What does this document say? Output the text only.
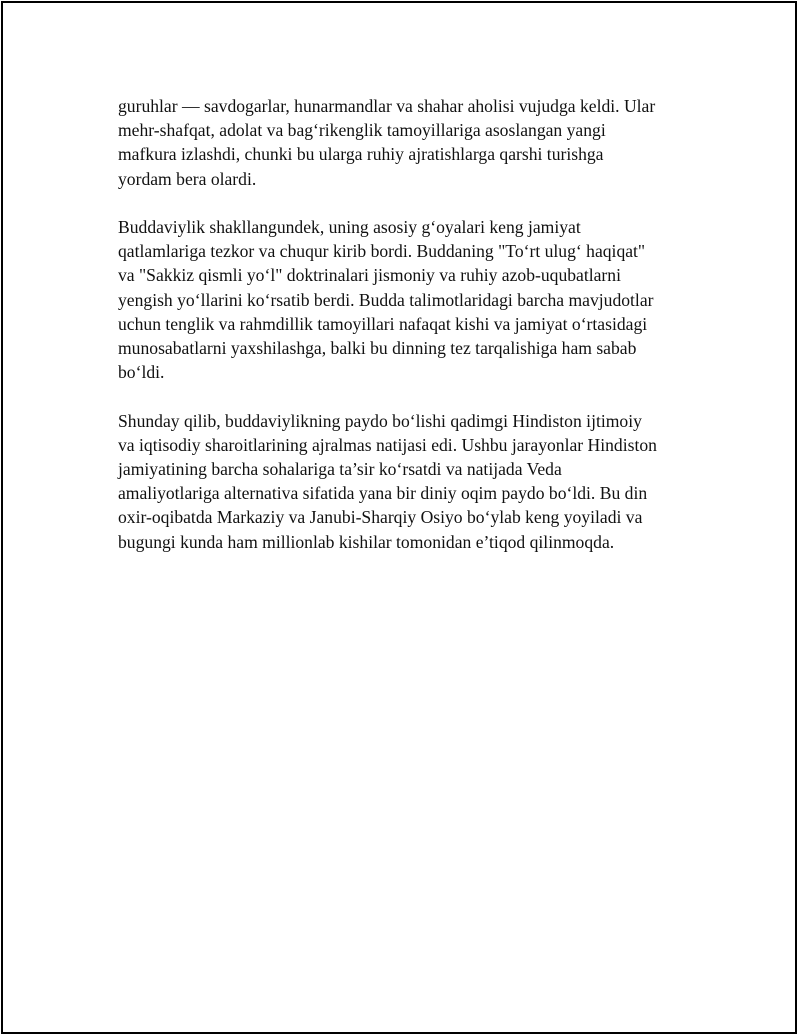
guruhlar — savdogarlar, hunarmandlar va shahar aholisi vujudga keldi. Ular
mehr-shafqat, adolat va bag‘rikenglik tamoyillariga asoslangan yangi
mafkura izlashdi, chunki bu ularga ruhiy ajratishlarga qarshi turishga
yordam bera olardi.

Buddaviylik shakllangundek, uning asosiy g‘oyalari keng jamiyat
qatlamlariga tezkor va chuqur kirib bordi. Buddaning "To‘rt ulug‘ haqiqat"
va "Sakkiz qismli yo‘l" doktrinalari jismoniy va ruhiy azob-uqubatlarni
yengish yo‘llarini ko‘rsatib berdi. Budda talimotlaridagi barcha mavjudotlar
uchun tenglik va rahmdillik tamoyillari nafaqat kishi va jamiyat o‘rtasidagi
munosabatlarni yaxshilashga, balki bu dinning tez tarqalishiga ham sabab
bo‘ldi.

Shunday qilib, buddaviylikning paydo bo‘lishi qadimgi Hindiston ijtimoiy
va iqtisodiy sharoitlarining ajralmas natijasi edi. Ushbu jarayonlar Hindiston
jamiyatining barcha sohalariga ta’sir ko‘rsatdi va natijada Veda
amaliyotlariga alternativa sifatida yana bir diniy oqim paydo bo‘ldi. Bu din
oxir-oqibatda Markaziy va Janubi-Sharqiy Osiyo bo‘ylab keng yoyiladi va
bugungi kunda ham millionlab kishilar tomonidan e’tiqod qilinmoqda.
